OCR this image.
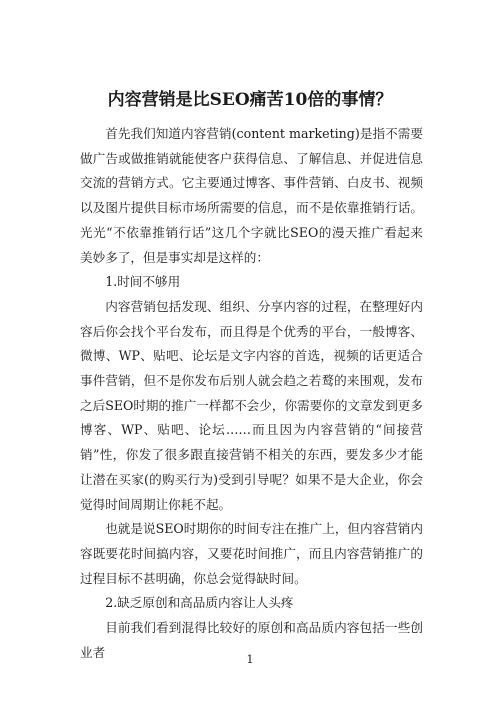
内容营销是比SEO痛苦10倍的事情？

首先我们知道内容营销(content marketing)是指不需要做广告或做推销就能使客户获得信息、了解信息、并促进信息交流的营销方式。它主要通过博客、事件营销、白皮书、视频以及图片提供目标市场所需要的信息，而不是依靠推销行话。光光“不依靠推销行话”这几个字就比SEO的漫天推广看起来美妙多了，但是事实却是这样的：

1.时间不够用

内容营销包括发现、组织、分享内容的过程，在整理好内容后你会找个平台发布，而且得是个优秀的平台，一般博客、微博、WP、贴吧、论坛是文字内容的首选，视频的话更适合事件营销，但不是你发布后别人就会趋之若鹜的来围观，发布之后SEO时期的推广一样都不会少，你需要你的文章发到更多博客、WP、贴吧、论坛……而且因为内容营销的“间接营销”性，你发了很多跟直接营销不相关的东西，要发多少才能让潜在买家(的购买行为)受到引导呢？如果不是大企业，你会觉得时间周期让你耗不起。

也就是说SEO时期你的时间专注在推广上，但内容营销内容既要花时间搞内容，又要花时间推广，而且内容营销推广的过程目标不甚明确，你总会觉得缺时间。

2.缺乏原创和高品质内容让人头疼

目前我们看到混得比较好的原创和高品质内容包括一些创业者	1
